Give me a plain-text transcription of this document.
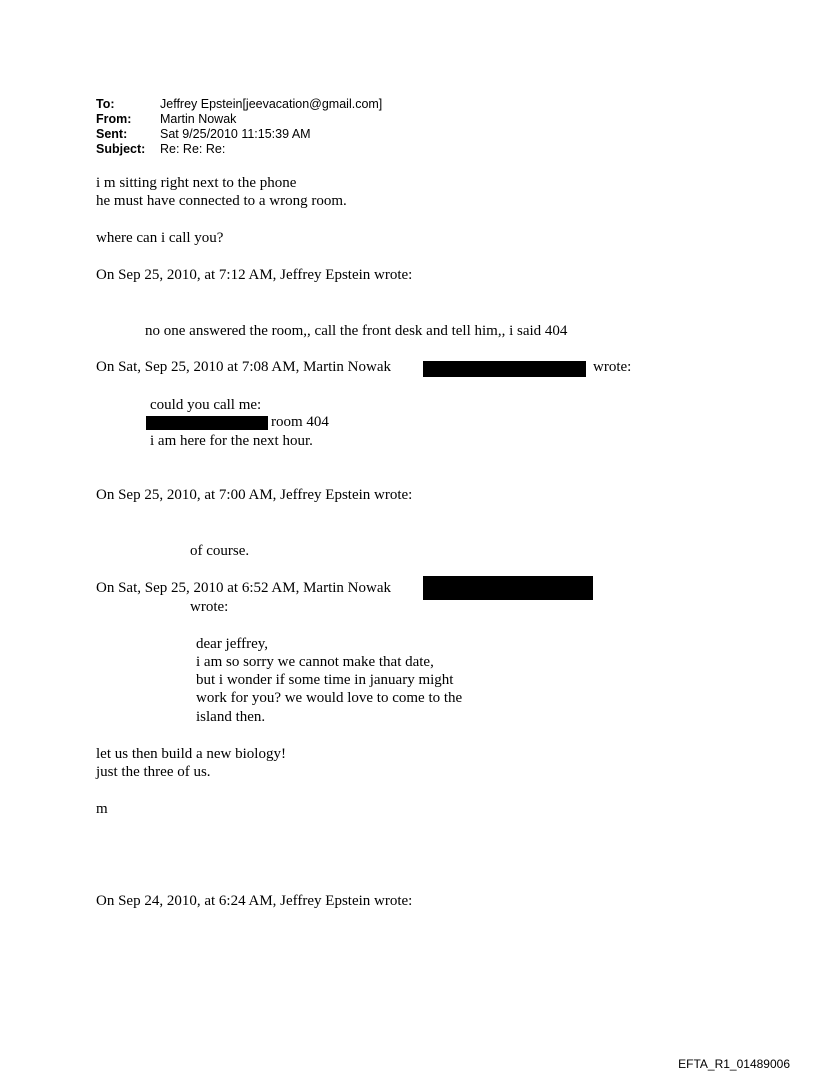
To:	Jeffrey Epstein[jeevacation@gmail.com]
From: Martin Nowak
Sent:	Sat 9/25/2010 11:15:39 AM
Subject: Re: Re: Re:
i m sitting right next to the phone
he must have connected to a wrong room.
where can i call you?
On Sep 25, 2010, at 7:12 AM, Jeffrey Epstein wrote:
no one answered the room,, call the front desk and tell him,, i said 404
On Sat, Sep 25, 2010 at 7:08 AM, Martin Nowak	wrote:
could you call me:
room 404
i am here for the next hour.
On Sep 25, 2010, at 7:00 AM, Jeffrey Epstein wrote:
of course.
On Sat, Sep 25, 2010 at 6:52 AM, Martin Nowak
wrote:
dear jeffrey,
i am so sorry we cannot make that date,
but i wonder if some time in january might
work for you? we would love to come to the
island then.
let us then build a new biology!
just the three of us.
m
On Sep 24, 2010, at 6:24 AM, Jeffrey Epstein wrote:
EFTA_R1_01489006
